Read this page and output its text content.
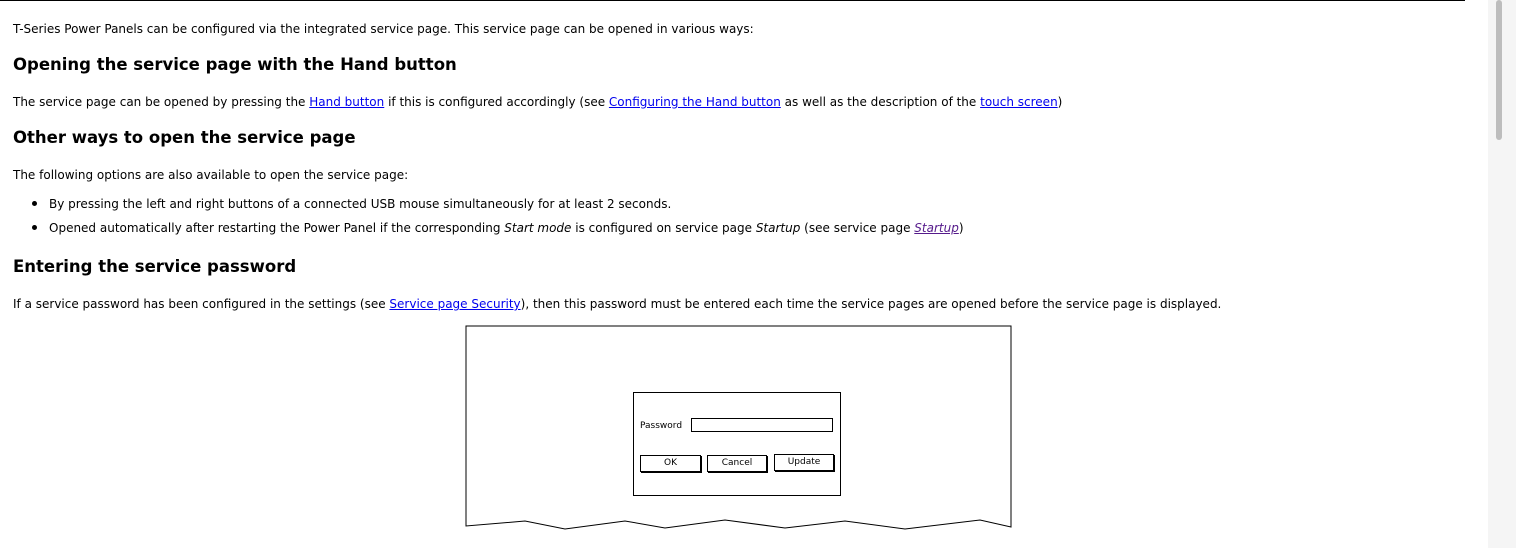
T-Series Power Panels can be configured via the integrated service page. This service page can be opened in various ways:

Opening the service page with the Hand button

The service page can be opened by pressing the Hand button if this is configured accordingly (see Configuring the Hand button as well as the description of the touch screen)

Other ways to open the service page

The following options are also available to open the service page:

By pressing the left and right buttons of a connected USB mouse simultaneously for at least 2 seconds.
Opened automatically after restarting the Power Panel if the corresponding Start mode is configured on service page Startup (see service page Startup)
Entering the service password

If a service password has been configured in the settings (see Service page Security), then this password must be entered each time the service pages are opened before the service page is displayed.

Password
OK	Cancel	Update
